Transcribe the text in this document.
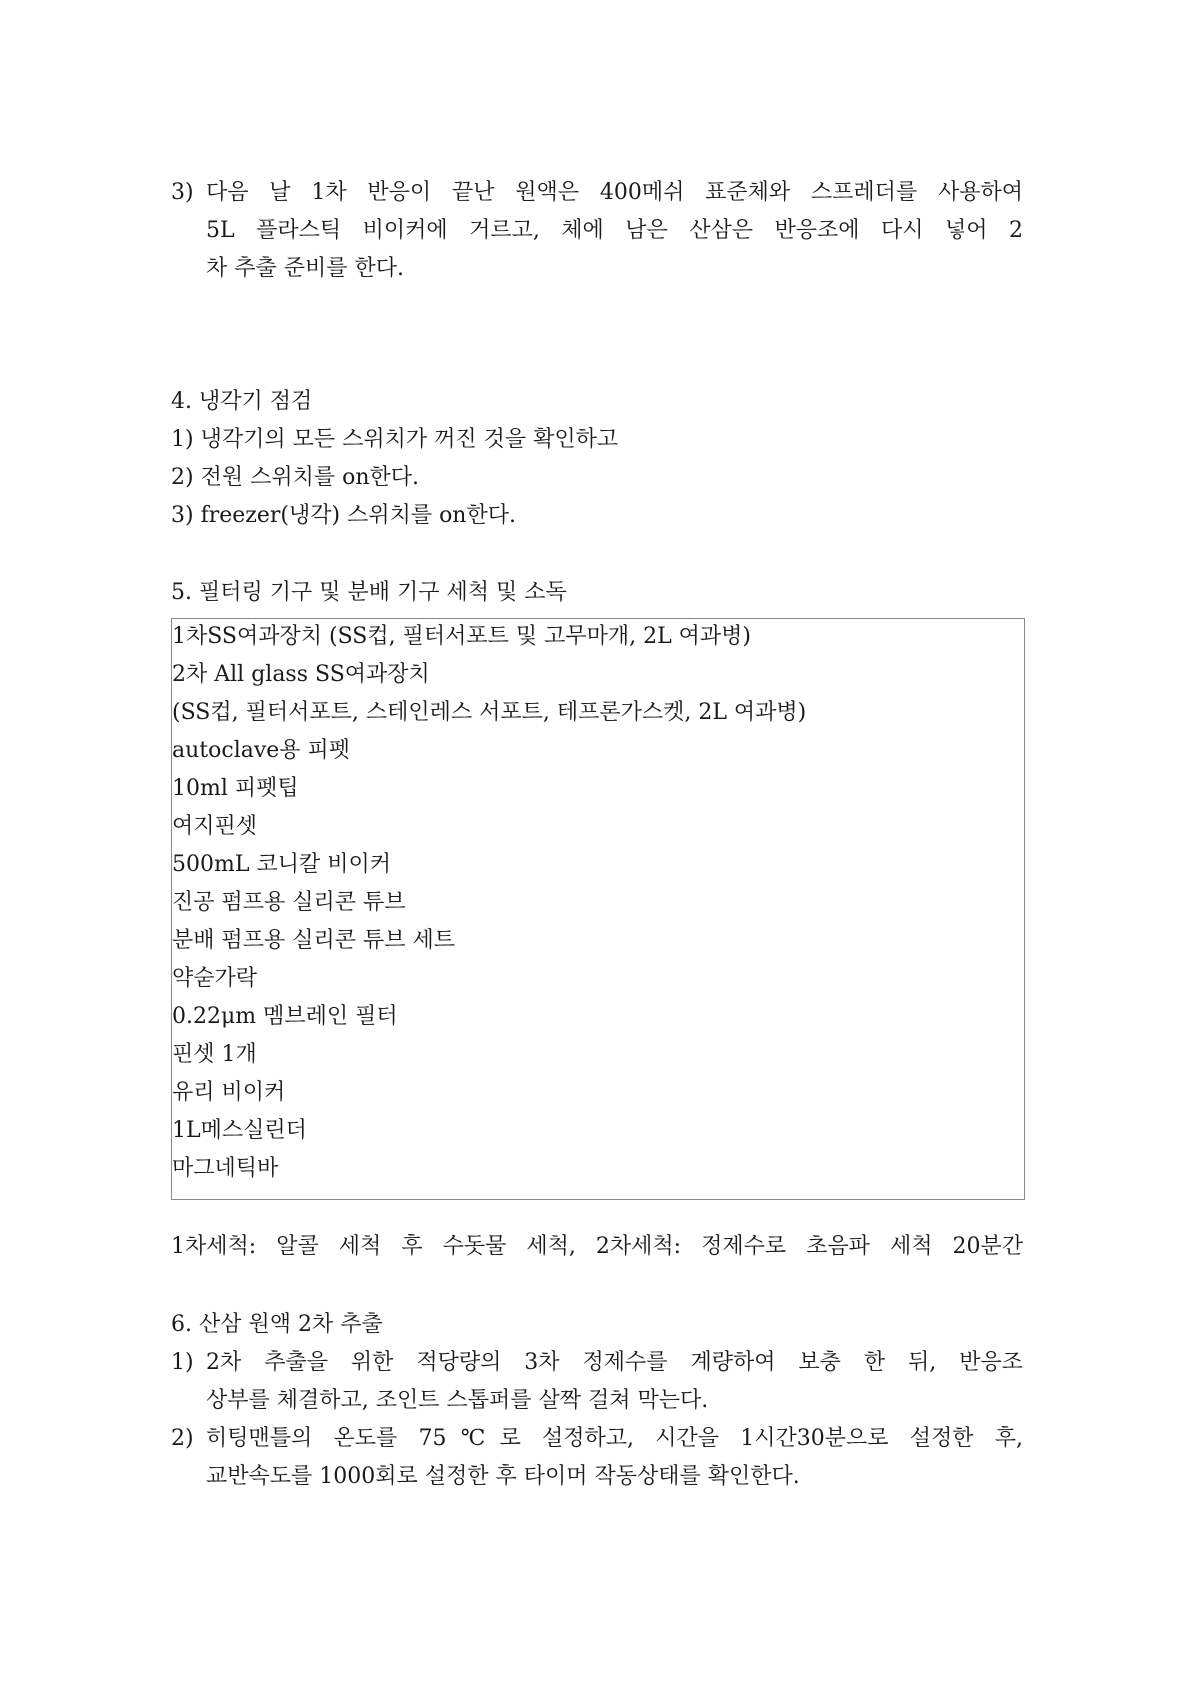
3) 다음 날 1차 반응이 끝난 원액은 400메쉬 표준체와 스프레더를 사용하여
5L 플라스틱 비이커에 거르고, 체에 남은 산삼은 반응조에 다시 넣어 2
차 추출 준비를 한다.
4. 냉각기 점검
1) 냉각기의 모든 스위치가 꺼진 것을 확인하고
2) 전원 스위치를 on한다.
3) freezer(냉각) 스위치를 on한다.
5. 필터링 기구 및 분배 기구 세척 및 소독
1차SS여과장치 (SS컵, 필터서포트 및 고무마개, 2L 여과병)
2차 All glass SS여과장치
(SS컵, 필터서포트, 스테인레스 서포트, 테프론가스켓, 2L 여과병)
autoclave용 피펫
10ml 피펫팁
여지핀셋
500mL 코니칼 비이커
진공 펌프용 실리콘 튜브
분배 펌프용 실리콘 튜브 세트
약숟가락
0.22μm 멤브레인 필터
핀셋 1개
유리 비이커
1L메스실린더
마그네틱바
1차세척: 알콜 세척 후 수돗물 세척, 2차세척: 정제수로 초음파 세척 20분간
6. 산삼 원액 2차 추출
1) 2차 추출을 위한 적당량의 3차 정제수를 계량하여 보충 한 뒤, 반응조
상부를 체결하고, 조인트 스톱퍼를 살짝 걸쳐 막는다.
2) 히팅맨틀의 온도를 75℃로 설정하고, 시간을 1시간30분으로 설정한 후,
교반속도를 1000회로 설정한 후 타이머 작동상태를 확인한다.
